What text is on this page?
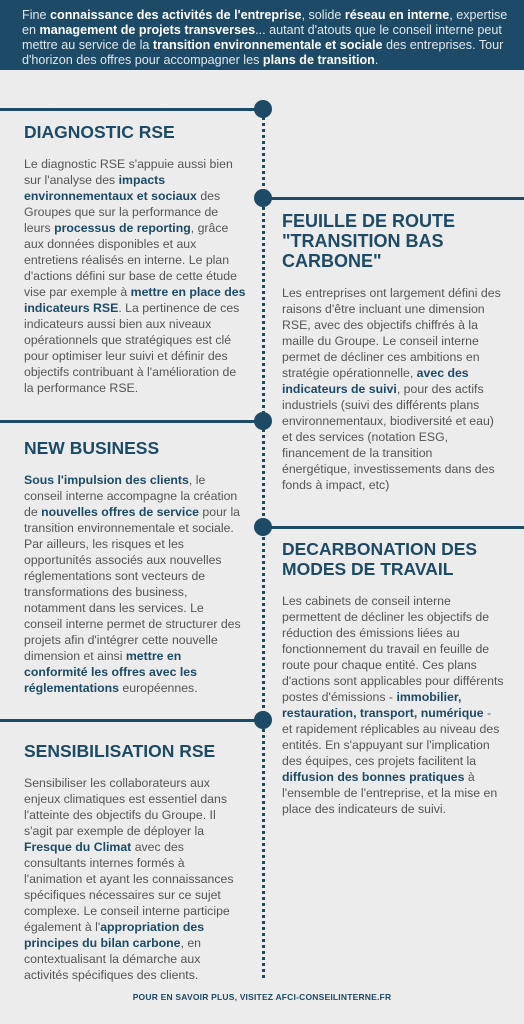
Fine connaissance des activités de l'entreprise, solide réseau en interne, expertise en management de projets transverses... autant d'atouts que le conseil interne peut mettre au service de la transition environnementale et sociale des entreprises. Tour d'horizon des offres pour accompagner les plans de transition.
DIAGNOSTIC RSE
Le diagnostic RSE s'appuie aussi bien sur l'analyse des impacts environnementaux et sociaux des Groupes que sur la performance de leurs processus de reporting, grâce aux données disponibles et aux entretiens réalisés en interne. Le plan d'actions défini sur base de cette étude vise par exemple à mettre en place des indicateurs RSE. La pertinence de ces indicateurs aussi bien aux niveaux opérationnels que stratégiques est clé pour optimiser leur suivi et définir des objectifs contribuant à l'amélioration de la performance RSE.
FEUILLE DE ROUTE "TRANSITION BAS CARBONE"
Les entreprises ont largement défini des raisons d'être incluant une dimension RSE, avec des objectifs chiffrés à la maille du Groupe. Le conseil interne permet de décliner ces ambitions en stratégie opérationnelle, avec des indicateurs de suivi, pour des actifs industriels (suivi des différents plans environnementaux, biodiversité et eau) et des services (notation ESG, financement de la transition énergétique, investissements dans des fonds à impact, etc)
NEW BUSINESS
Sous l'impulsion des clients, le conseil interne accompagne la création de nouvelles offres de service pour la transition environnementale et sociale. Par ailleurs, les risques et les opportunités associés aux nouvelles réglementations sont vecteurs de transformations des business, notamment dans les services. Le conseil interne permet de structurer des projets afin d'intégrer cette nouvelle dimension et ainsi mettre en conformité les offres avec les réglementations européennes.
DECARBONATION DES MODES DE TRAVAIL
Les cabinets de conseil interne permettent de décliner les objectifs de réduction des émissions liées au fonctionnement du travail en feuille de route pour chaque entité. Ces plans d'actions sont applicables pour différents postes d'émissions - immobilier, restauration, transport, numérique - et rapidement réplicables au niveau des entités. En s'appuyant sur l'implication des équipes, ces projets facilitent la diffusion des bonnes pratiques à l'ensemble de l'entreprise, et la mise en place des indicateurs de suivi.
SENSIBILISATION RSE
Sensibiliser les collaborateurs aux enjeux climatiques est essentiel dans l'atteinte des objectifs du Groupe. Il s'agit par exemple de déployer la Fresque du Climat avec des consultants internes formés à l'animation et ayant les connaissances spécifiques nécessaires sur ce sujet complexe. Le conseil interne participe également à l'appropriation des principes du bilan carbone, en contextualisant la démarche aux activités spécifiques des clients.
POUR EN SAVOIR PLUS, VISITEZ AFCI-CONSEILINTERNE.FR
